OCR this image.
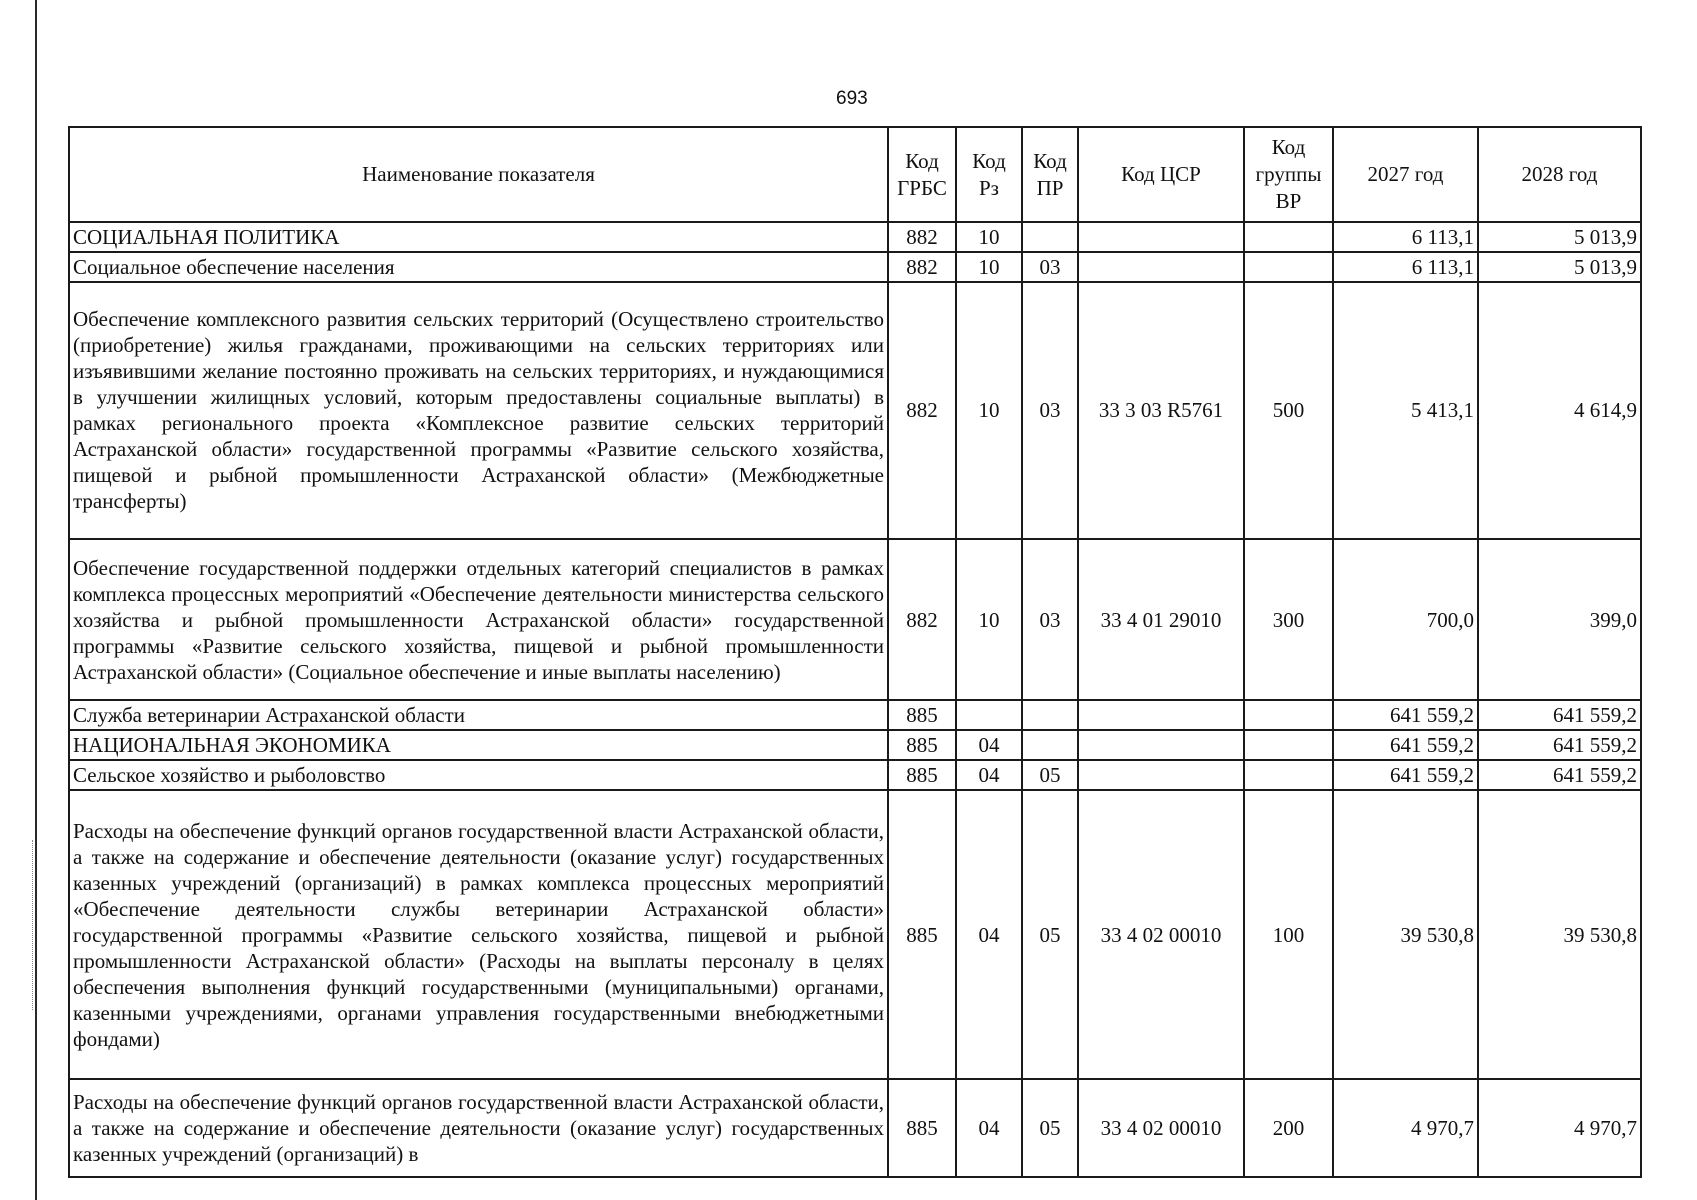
693
Наименование показателя	Код ГРБС	Код Рз	Код ПР	Код ЦСР	Код группы ВР	2027 год	2028 год
СОЦИАЛЬНАЯ ПОЛИТИКА	882	10				6 113,1	5 013,9
Социальное обеспечение населения	882	10	03			6 113,1	5 013,9
Обеспечение комплексного развития сельских территорий (Осуществлено строительство (приобретение) жилья гражданами, проживающими на сельских территориях или изъявившими желание постоянно проживать на сельских территориях, и нуждающимися в улучшении жилищных условий, которым предоставлены социальные выплаты) в рамках регионального проекта «Комплексное развитие сельских территорий Астраханской области» государственной программы «Развитие сельского хозяйства, пищевой и рыбной промышленности Астраханской области» (Межбюджетные трансферты)	882	10	03	33 3 03 R5761	500	5 413,1	4 614,9
Обеспечение государственной поддержки отдельных категорий специалистов в рамках комплекса процессных мероприятий «Обеспечение деятельности министерства сельского хозяйства и рыбной промышленности Астраханской области» государственной программы «Развитие сельского хозяйства, пищевой и рыбной промышленности Астраханской области» (Социальное обеспечение и иные выплаты населению)	882	10	03	33 4 01 29010	300	700,0	399,0
Служба ветеринарии Астраханской области	885					641 559,2	641 559,2
НАЦИОНАЛЬНАЯ ЭКОНОМИКА	885	04				641 559,2	641 559,2
Сельское хозяйство и рыболовство	885	04	05			641 559,2	641 559,2
Расходы на обеспечение функций органов государственной власти Астраханской области, а также на содержание и обеспечение деятельности (оказание услуг) государственных казенных учреждений (организаций) в рамках комплекса процессных мероприятий «Обеспечение деятельности службы ветеринарии Астраханской области» государственной программы «Развитие сельского хозяйства, пищевой и рыбной промышленности Астраханской области» (Расходы на выплаты персоналу в целях обеспечения выполнения функций государственными (муниципальными) органами, казенными учреждениями, органами управления государственными внебюджетными фондами)	885	04	05	33 4 02 00010	100	39 530,8	39 530,8
Расходы на обеспечение функций органов государственной власти Астраханской области, а также на содержание и обеспечение деятельности (оказание услуг) государственных казенных учреждений (организаций) в	885	04	05	33 4 02 00010	200	4 970,7	4 970,7
